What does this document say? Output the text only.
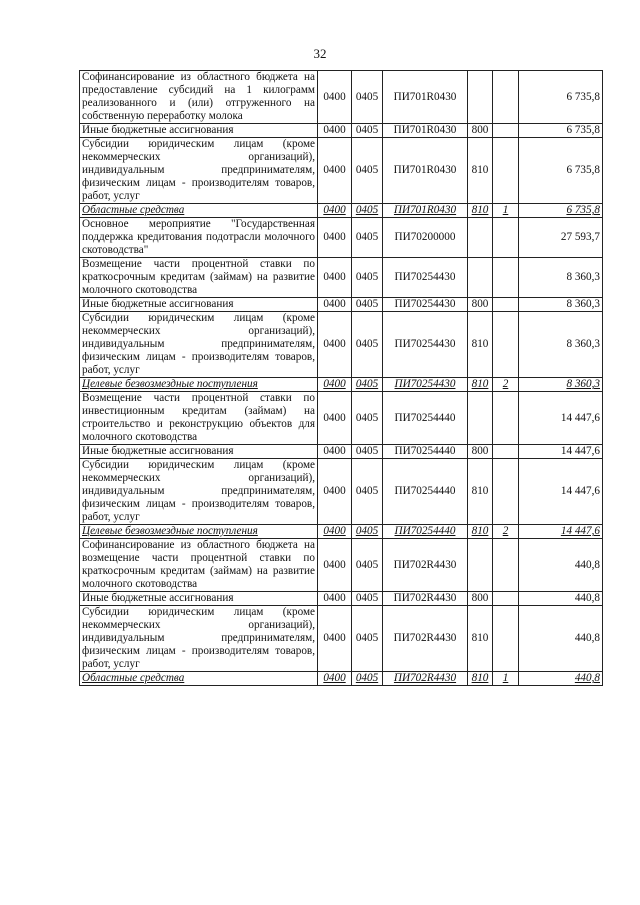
32
Софинансирование из областного бюджета на предоставление субсидий на 1 килограмм реализованного и (или) отгруженного на собственную переработку молока	0400	0405	ПИ701R0430			6 735,8
Иные бюджетные ассигнования	0400	0405	ПИ701R0430	800		6 735,8
Субсидии юридическим лицам (кроме некоммерческих организаций), индивидуальным предпринимателям, физическим лицам - производителям товаров, работ, услуг	0400	0405	ПИ701R0430	810		6 735,8
Областные средства	0400	0405	ПИ701R0430	810	1	6 735,8
Основное мероприятие "Государственная поддержка кредитования подотрасли молочного скотоводства"	0400	0405	ПИ70200000			27 593,7
Возмещение части процентной ставки по краткосрочным кредитам (займам) на развитие молочного скотоводства	0400	0405	ПИ70254430			8 360,3
Иные бюджетные ассигнования	0400	0405	ПИ70254430	800		8 360,3
Субсидии юридическим лицам (кроме некоммерческих организаций), индивидуальным предпринимателям, физическим лицам - производителям товаров, работ, услуг	0400	0405	ПИ70254430	810		8 360,3
Целевые безвозмездные поступления	0400	0405	ПИ70254430	810	2	8 360,3
Возмещение части процентной ставки по инвестиционным кредитам (займам) на строительство и реконструкцию объектов для молочного скотоводства	0400	0405	ПИ70254440			14 447,6
Иные бюджетные ассигнования	0400	0405	ПИ70254440	800		14 447,6
Субсидии юридическим лицам (кроме некоммерческих организаций), индивидуальным предпринимателям, физическим лицам - производителям товаров, работ, услуг	0400	0405	ПИ70254440	810		14 447,6
Целевые безвозмездные поступления	0400	0405	ПИ70254440	810	2	14 447,6
Софинансирование из областного бюджета на возмещение части процентной ставки по краткосрочным кредитам (займам) на развитие молочного скотоводства	0400	0405	ПИ702R4430			440,8
Иные бюджетные ассигнования	0400	0405	ПИ702R4430	800		440,8
Субсидии юридическим лицам (кроме некоммерческих организаций), индивидуальным предпринимателям, физическим лицам - производителям товаров, работ, услуг	0400	0405	ПИ702R4430	810		440,8
Областные средства	0400	0405	ПИ702R4430	810	1	440,8
